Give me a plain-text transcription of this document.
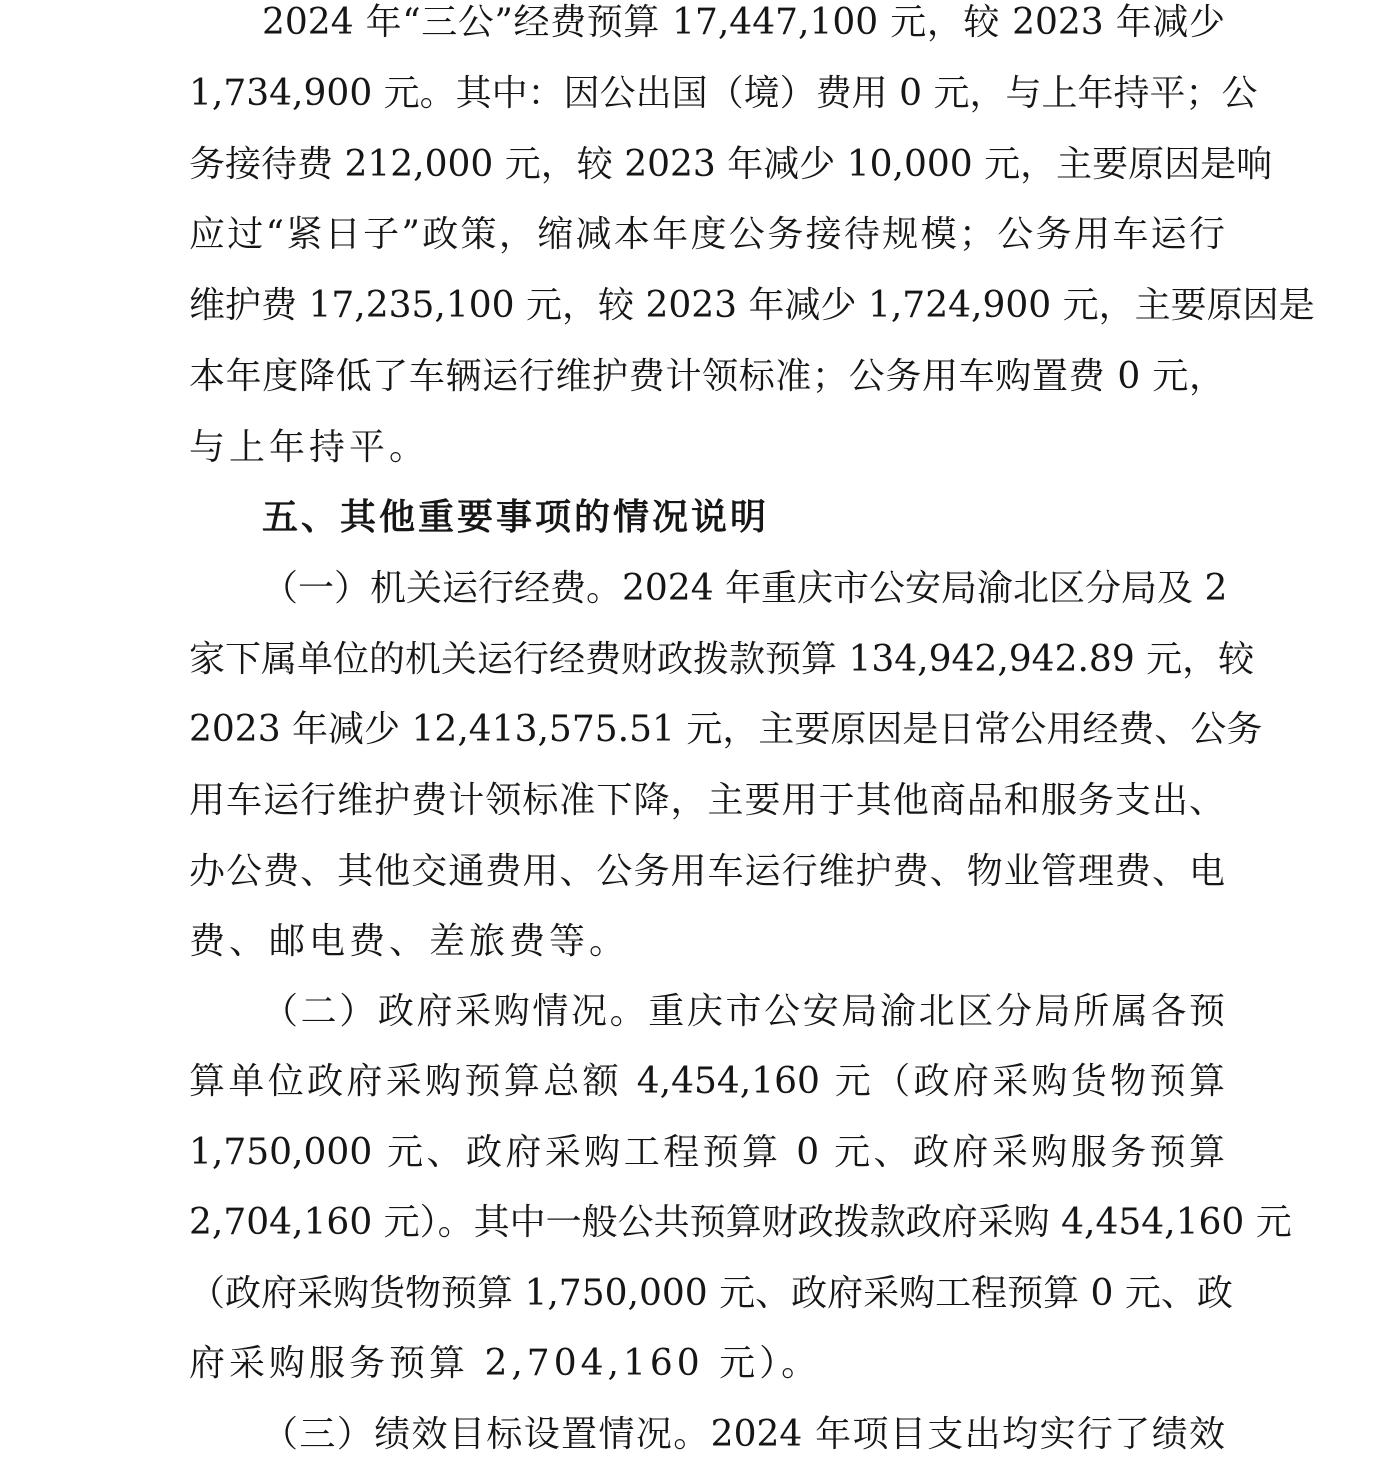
2024 年“三公”经费预算 17,447,100 元，较 2023 年减少
1,734,900 元。其中：因公出国（境）费用 0 元，与上年持平；公
务接待费 212,000 元，较 2023 年减少 10,000 元，主要原因是响
应过“紧日子”政策，缩减本年度公务接待规模；公务用车运行
维护费 17,235,100 元，较 2023 年减少 1,724,900 元，主要原因是
本年度降低了车辆运行维护费计领标准；公务用车购置费 0 元，
与上年持平。
五、其他重要事项的情况说明
（一）机关运行经费。2024 年重庆市公安局渝北区分局及 2
家下属单位的机关运行经费财政拨款预算 134,942,942.89 元，较
2023 年减少 12,413,575.51 元，主要原因是日常公用经费、公务
用车运行维护费计领标准下降，主要用于其他商品和服务支出、
办公费、其他交通费用、公务用车运行维护费、物业管理费、电
费、邮电费、差旅费等。
（二）政府采购情况。重庆市公安局渝北区分局所属各预
算单位政府采购预算总额 4,454,160 元（政府采购货物预算
1,750,000 元、政府采购工程预算 0 元、政府采购服务预算
2,704,160 元）。其中一般公共预算财政拨款政府采购 4,454,160 元
（政府采购货物预算 1,750,000 元、政府采购工程预算 0 元、政
府采购服务预算 2,704,160 元）。
（三）绩效目标设置情况。2024 年项目支出均实行了绩效
